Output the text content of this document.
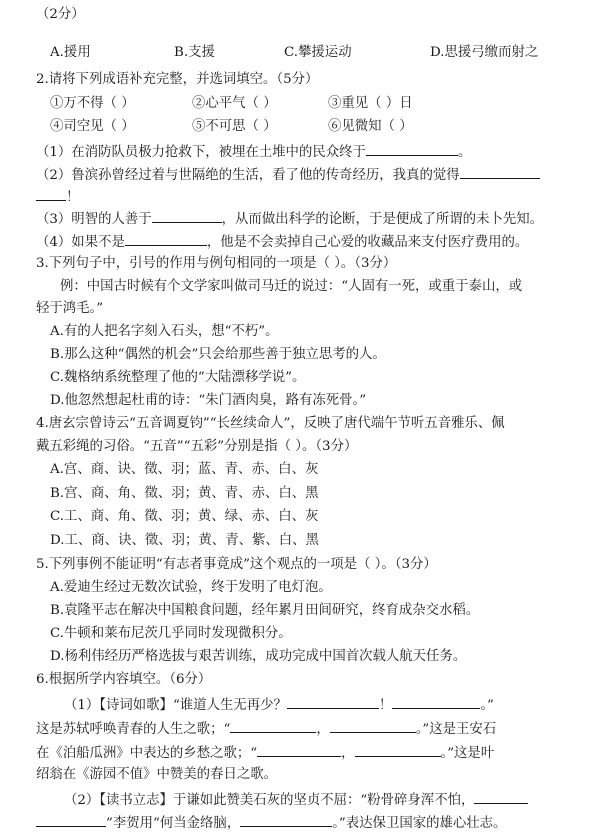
（2分）
A.援用	B.支援	C.攀援运动	D.思援弓缴而射之
2.请将下列成语补充完整，并选词填空。（5分）
①万不得（ ）	②心平气（ ）	③重见（ ）日
④司空见（ ）	⑤不可思（ ）	⑥见微知（ ）
（1）在消防队员极力抢救下，被埋在土堆中的民众终于	。
（2）鲁滨孙曾经过着与世隔绝的生活，看了他的传奇经历，我真的觉得
！
（3）明智的人善于	，从而做出科学的论断，于是便成了所谓的未卜先知。
（4）如果不是	，他是不会卖掉自己心爱的收藏品来支付医疗费用的。
3.下列句子中，引号的作用与例句相同的一项是（ ）。（3分）
例：中国古时候有个文学家叫做司马迁的说过：“人固有一死，或重于泰山，或
轻于鸿毛。”
A.有的人把名字刻入石头，想“不朽”。
B.那么这种“偶然的机会”只会给那些善于独立思考的人。
C.魏格纳系统整理了他的“大陆漂移学说”。
D.他忽然想起杜甫的诗：“朱门酒肉臭，路有冻死骨。”
4.唐玄宗曾诗云“五音调夏钧”“长丝续命人”，反映了唐代端午节听五音雅乐、佩
戴五彩绳的习俗。“五音”“五彩”分别是指（ ）。（3分）
A.宫、商、诀、徵、羽；蓝、青、赤、白、灰
B.宫、商、角、徵、羽；黄、青、赤、白、黑
C.工、商、角、徵、羽；黄、绿、赤、白、灰
D.工、商、诀、徵、羽；黄、青、紫、白、黑
5.下列事例不能证明“有志者事竟成”这个观点的一项是（ ）。（3分）
A.爱迪生经过无数次试验，终于发明了电灯泡。
B.袁隆平志在解决中国粮食问题，经年累月田间研究，终育成杂交水稻。
C.牛顿和莱布尼茨几乎同时发现微积分。
D.杨利伟经历严格选拔与艰苦训练，成功完成中国首次载人航天任务。
6.根据所学内容填空。（6分）
（1）【诗词如歌】“谁道人生无再少？	！	。”
这是苏轼呼唤青春的人生之歌；“	，	。”这是王安石
在《泊船瓜洲》中表达的乡愁之歌；“	，	。”这是叶
绍翁在《游园不值》中赞美的春日之歌。
（2）【读书立志】于谦如此赞美石灰的坚贞不屈：“粉骨碎身浑不怕，
”李贺用“何当金络脑，	。”表达保卫国家的雄心壮志。
